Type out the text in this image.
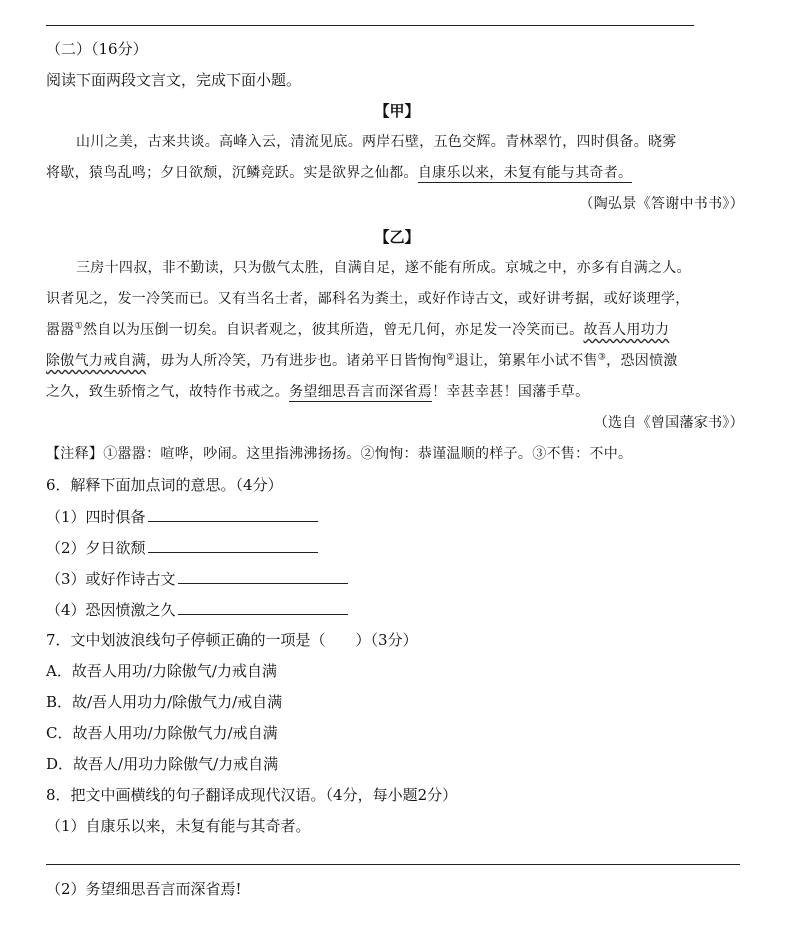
（二）（16分）
阅读下面两段文言文，完成下面小题。
【甲】
山川之美，古来共谈。高峰入云，清流见底。两岸石壁，五色交辉。青林翠竹，四时俱备。晓雾
将歇，猿鸟乱鸣；夕日欲颓，沉鳞竞跃。实是欲界之仙都。自康乐以来，未复有能与其奇者。
（陶弘景《答谢中书书》）
【乙】
三房十四叔，非不勤读，只为傲气太胜，自满自足，遂不能有所成。京城之中，亦多有自满之人。
识者见之，发一冷笑而已。又有当名士者，鄙科名为粪土，或好作诗古文，或好讲考据，或好谈理学，
嚣嚣①然自以为压倒一切矣。自识者观之，彼其所造，曾无几何，亦足发一冷笑而已。故吾人用功力
除傲气力戒自满，毋为人所冷笑，乃有进步也。诸弟平日皆恂恂②退让，第累年小试不售③，恐因愤激
之久，致生骄惰之气，故特作书戒之。务望细思吾言而深省焉！幸甚幸甚！国藩手草。
（选自《曾国藩家书》）
【注释】①嚣嚣：喧哗，吵闹。这里指沸沸扬扬。②恂恂：恭谨温顺的样子。③不售：不中。
6．解释下面加点词的意思。（4分）
（1）四时俱备
（2）夕日欲颓
（3）或好作诗古文
（4）恐因愤激之久
7．文中划波浪线句子停顿正确的一项是（　　）（3分）
A．故吾人用功/力除傲气/力戒自满
B．故/吾人用功力/除傲气力/戒自满
C．故吾人用功/力除傲气力/戒自满
D．故吾人/用功力除傲气/力戒自满
8．把文中画横线的句子翻译成现代汉语。（4分，每小题2分）
（1）自康乐以来，未复有能与其奇者。
（2）务望细思吾言而深省焉!
